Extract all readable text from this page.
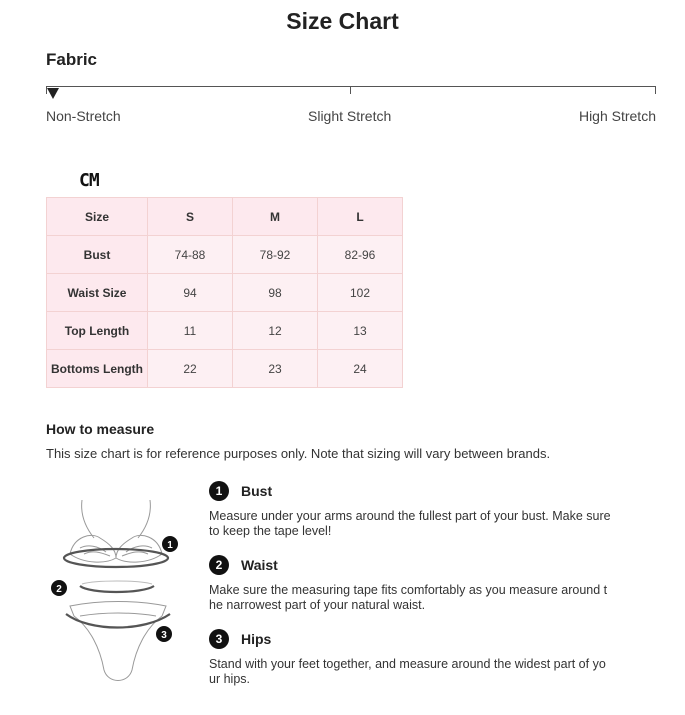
Size Chart
Fabric
Non-Stretch	Slight Stretch	High Stretch
CM
Size	S	M	L
Bust	74-88	78-92	82-96
Waist Size	94	98	102
Top Length	11	12	13
Bottoms Length	22	23	24
How to measure
This size chart is for reference purposes only. Note that sizing will vary between brands.
1
2
3
1	Bust
Measure under your arms around the fullest part of your bust. Make sure to keep the tape level!
2	Waist
Make sure the measuring tape fits comfortably as you measure around the narrowest part of your natural waist.
3	Hips
Stand with your feet together, and measure around the widest part of your hips.
